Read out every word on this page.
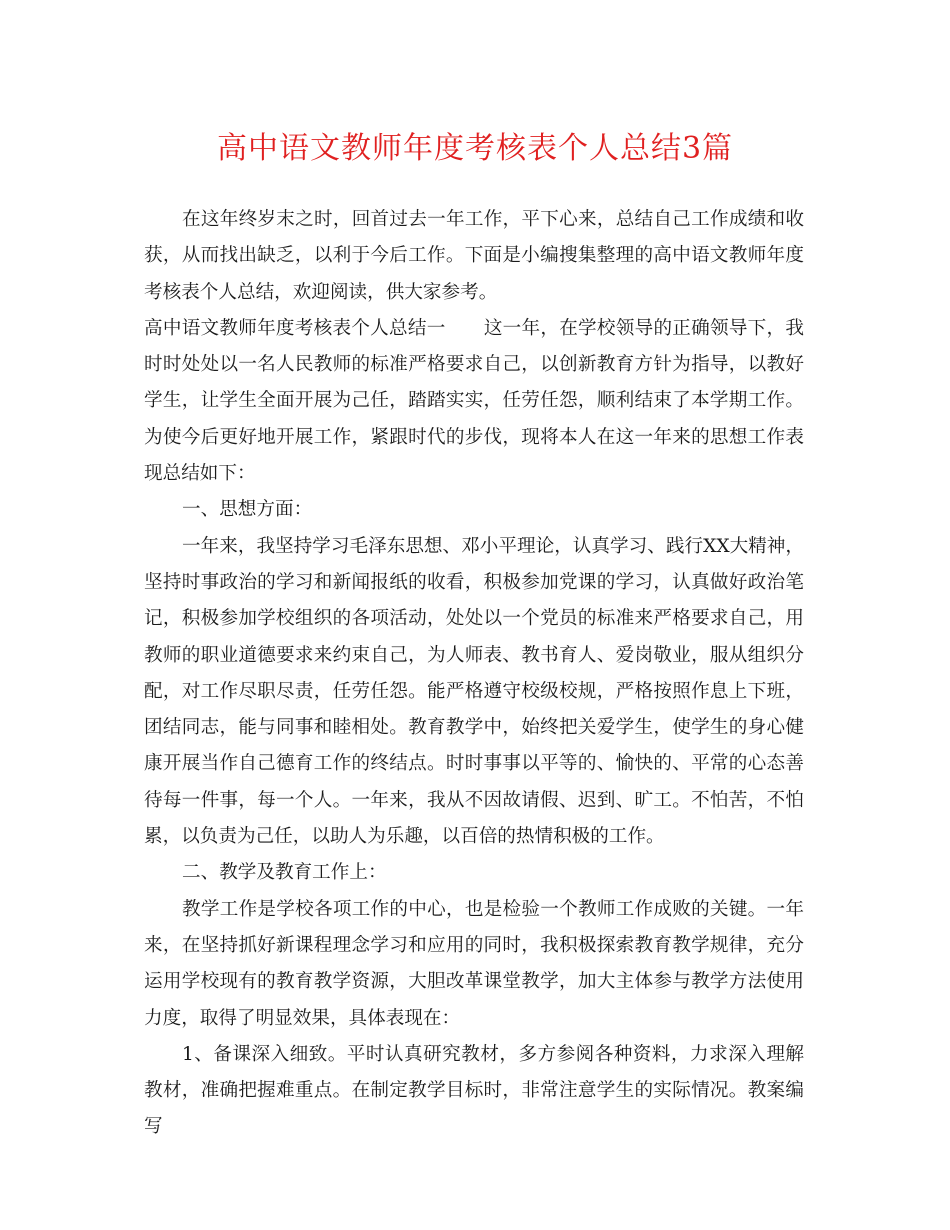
高中语文教师年度考核表个人总结3篇

在这年终岁末之时，回首过去一年工作，平下心来，总结自己工作成绩和收获，从而找出缺乏，以利于今后工作。下面是小编搜集整理的高中语文教师年度考核表个人总结，欢迎阅读，供大家参考。

高中语文教师年度考核表个人总结一 这一年，在学校领导的正确领导下，我时时处处以一名人民教师的标准严格要求自己，以创新教育方针为指导，以教好学生，让学生全面开展为己任，踏踏实实，任劳任怨，顺利结束了本学期工作。为使今后更好地开展工作，紧跟时代的步伐，现将本人在这一年来的思想工作表现总结如下：

一、思想方面：

一年来，我坚持学习毛泽东思想、邓小平理论，认真学习、践行XX大精神，坚持时事政治的学习和新闻报纸的收看，积极参加党课的学习，认真做好政治笔记，积极参加学校组织的各项活动，处处以一个党员的标准来严格要求自己，用教师的职业道德要求来约束自己，为人师表、教书育人、爱岗敬业，服从组织分配，对工作尽职尽责，任劳任怨。能严格遵守校级校规，严格按照作息上下班，团结同志，能与同事和睦相处。教育教学中，始终把关爱学生，使学生的身心健康开展当作自己德育工作的终结点。时时事事以平等的、愉快的、平常的心态善待每一件事，每一个人。一年来，我从不因故请假、迟到、旷工。不怕苦，不怕累，以负责为己任，以助人为乐趣，以百倍的热情积极的工作。

二、教学及教育工作上：

教学工作是学校各项工作的中心，也是检验一个教师工作成败的关键。一年来，在坚持抓好新课程理念学习和应用的同时，我积极探索教育教学规律，充分运用学校现有的教育教学资源，大胆改革课堂教学，加大主体参与教学方法使用力度，取得了明显效果，具体表现在：

1、备课深入细致。平时认真研究教材，多方参阅各种资料，力求深入理解教材，准确把握难重点。在制定教学目标时，非常注意学生的实际情况。教案编写
